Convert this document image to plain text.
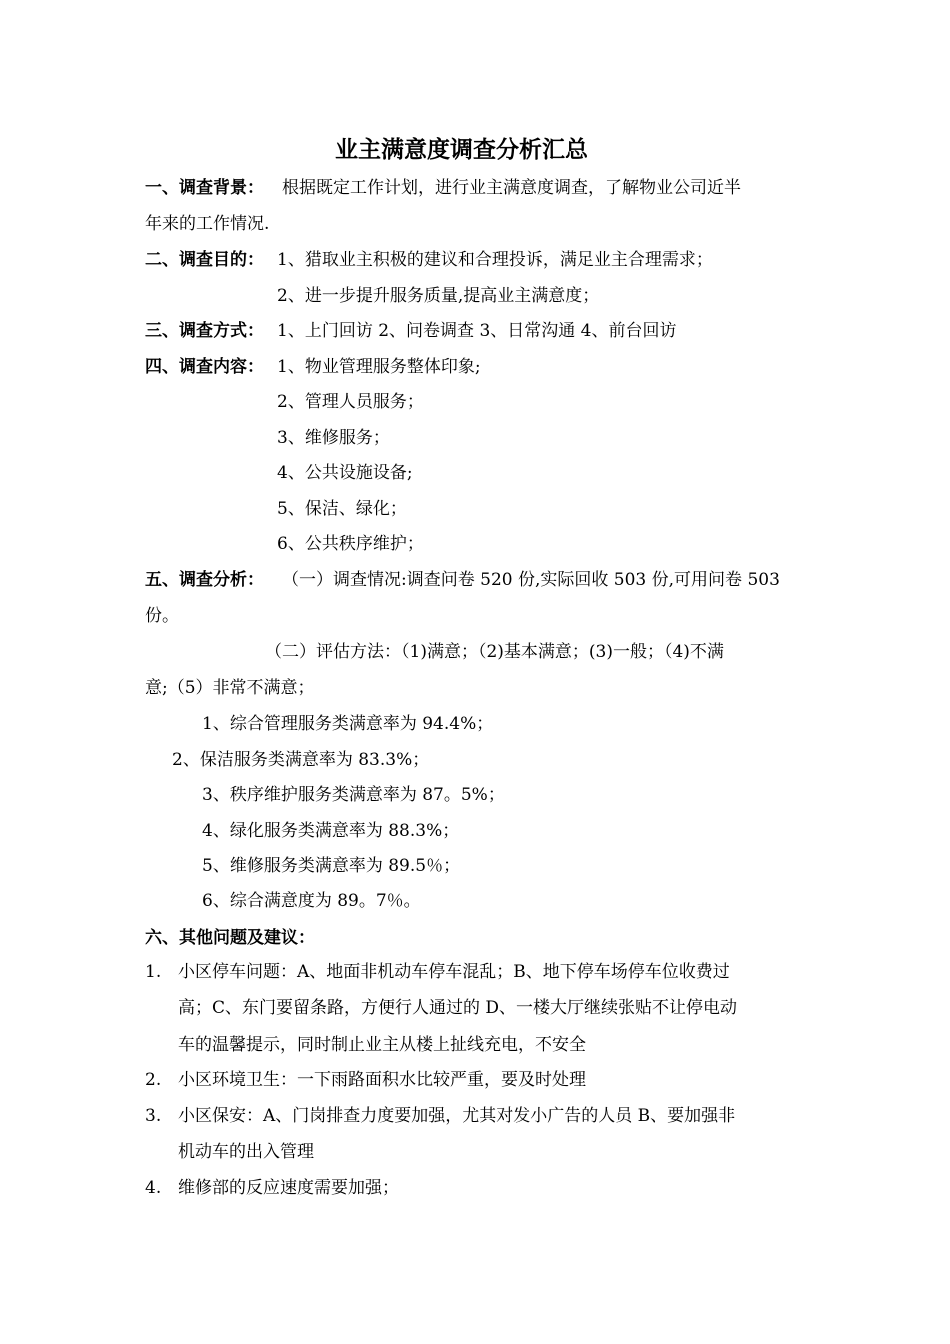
业主满意度调查分析汇总
一、调查背景： 根据既定工作计划，进行业主满意度调查，了解物业公司近半
年来的工作情况.
二、调查目的： 1、猎取业主积极的建议和合理投诉，满足业主合理需求；
2、进一步提升服务质量,提高业主满意度；
三、调查方式： 1、上门回访 2、问卷调查 3、日常沟通 4、前台回访
四、调查内容： 1、物业管理服务整体印象;
2、管理人员服务；
3、维修服务；
4、公共设施设备;
5、保洁、绿化；
6、公共秩序维护；
五、调查分析： （一）调查情况:调查问卷 520 份,实际回收 503 份,可用问卷 503
份。
（二）评估方法：（1)满意；（2)基本满意；(3)一般；（4)不满
意;（5）非常不满意；
1、综合管理服务类满意率为 94.4%；
2、保洁服务类满意率为 83.3%；
3、秩序维护服务类满意率为 87。5%；
4、绿化服务类满意率为 88.3%；
5、维修服务类满意率为 89.5％；
6、综合满意度为 89。7％。
六、其他问题及建议：
1. 小区停车问题：A、地面非机动车停车混乱；B、地下停车场停车位收费过
高；C、东门要留条路，方便行人通过的 D、一楼大厅继续张贴不让停电动
车的温馨提示，同时制止业主从楼上扯线充电，不安全
2. 小区环境卫生：一下雨路面积水比较严重，要及时处理
3. 小区保安：A、门岗排查力度要加强，尤其对发小广告的人员 B、要加强非
机动车的出入管理
4. 维修部的反应速度需要加强；
